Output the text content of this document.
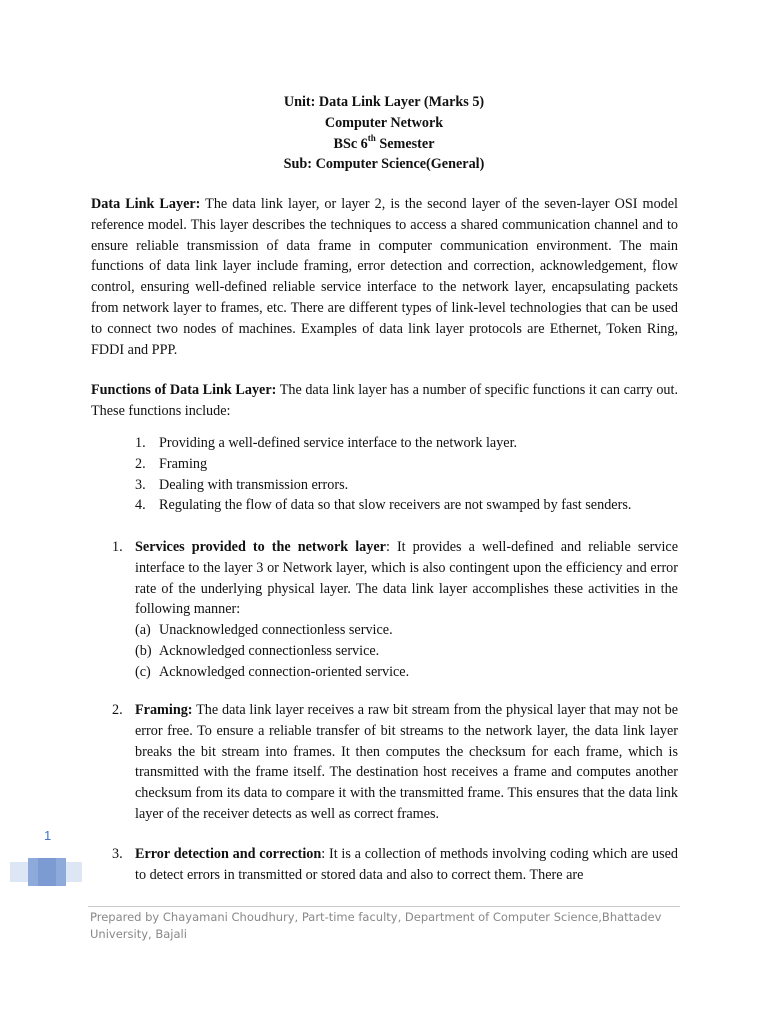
Unit: Data Link Layer (Marks 5)
Computer Network
BSc 6th Semester
Sub: Computer Science(General)
Data Link Layer: The data link layer, or layer 2, is the second layer of the seven-layer OSI model reference model. This layer describes the techniques to access a shared communication channel and to ensure reliable transmission of data frame in computer communication environment. The main functions of data link layer include framing, error detection and correction, acknowledgement, flow control, ensuring well-defined reliable service interface to the network layer, encapsulating packets from network layer to frames, etc. There are different types of link-level technologies that can be used to connect two nodes of machines. Examples of data link layer protocols are Ethernet, Token Ring, FDDI and PPP.
Functions of Data Link Layer: The data link layer has a number of specific functions it can carry out. These functions include:
1. Providing a well-defined service interface to the network layer.
2. Framing
3. Dealing with transmission errors.
4. Regulating the flow of data so that slow receivers are not swamped by fast senders.
1. Services provided to the network layer: It provides a well-defined and reliable service interface to the layer 3 or Network layer, which is also contingent upon the efficiency and error rate of the underlying physical layer. The data link layer accomplishes these activities in the following manner:
(a) Unacknowledged connectionless service.
(b) Acknowledged connectionless service.
(c) Acknowledged connection-oriented service.
2. Framing: The data link layer receives a raw bit stream from the physical layer that may not be error free. To ensure a reliable transfer of bit streams to the network layer, the data link layer breaks the bit stream into frames. It then computes the checksum for each frame, which is transmitted with the frame itself. The destination host receives a frame and computes another checksum from its data to compare it with the transmitted frame. This ensures that the data link layer of the receiver detects as well as correct frames.
3. Error detection and correction: It is a collection of methods involving coding which are used to detect errors in transmitted or stored data and also to correct them. There are
1
Prepared by Chayamani Choudhury, Part-time faculty, Department of Computer Science,Bhattadev University, Bajali
